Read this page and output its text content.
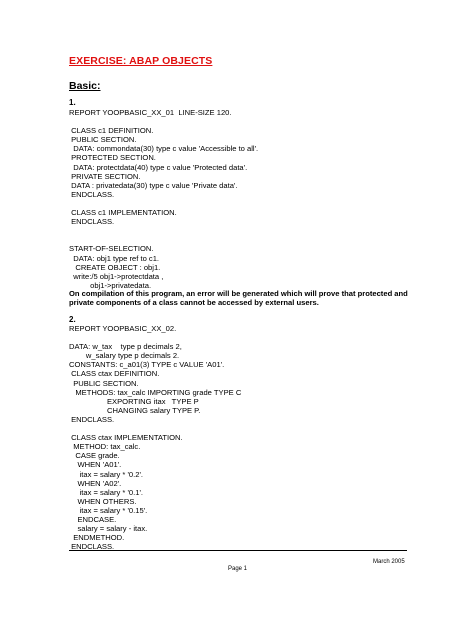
EXERCISE: ABAP OBJECTS
Basic:
1.
REPORT YOOPBASIC_XX_01  LINE-SIZE 120.

CLASS c1 DEFINITION.
PUBLIC SECTION.
DATA: commondata(30) type c value 'Accessible to all'.
PROTECTED SECTION.
DATA: protectdata(40) type c value 'Protected data'.
PRIVATE SECTION.
DATA : privatedata(30) type c value 'Private data'.
ENDCLASS.

CLASS c1 IMPLEMENTATION.
ENDCLASS.

START-OF-SELECTION.
DATA: obj1 type ref to c1.
CREATE OBJECT : obj1.
write:/5 obj1->protectdata ,
obj1->privatedata.
On compilation of this program, an error will be generated which will prove that protected and private components of a class cannot be accessed by external users.
2.
REPORT YOOPBASIC_XX_02.

DATA: w_tax    type p decimals 2,
w_salary type p decimals 2.
CONSTANTS: c_a01(3) TYPE c VALUE 'A01'.
CLASS ctax DEFINITION.
PUBLIC SECTION.
METHODS: tax_calc IMPORTING grade TYPE C
EXPORTING itax   TYPE P
CHANGING salary TYPE P.
ENDCLASS.

CLASS ctax IMPLEMENTATION.
METHOD: tax_calc.
CASE grade.
WHEN 'A01'.
itax = salary * '0.2'.
WHEN 'A02'.
itax = salary * '0.1'.
WHEN OTHERS.
itax = salary * '0.15'.
ENDCASE.
salary = salary - itax.
ENDMETHOD.
ENDCLASS.
March 2005
Page 1
